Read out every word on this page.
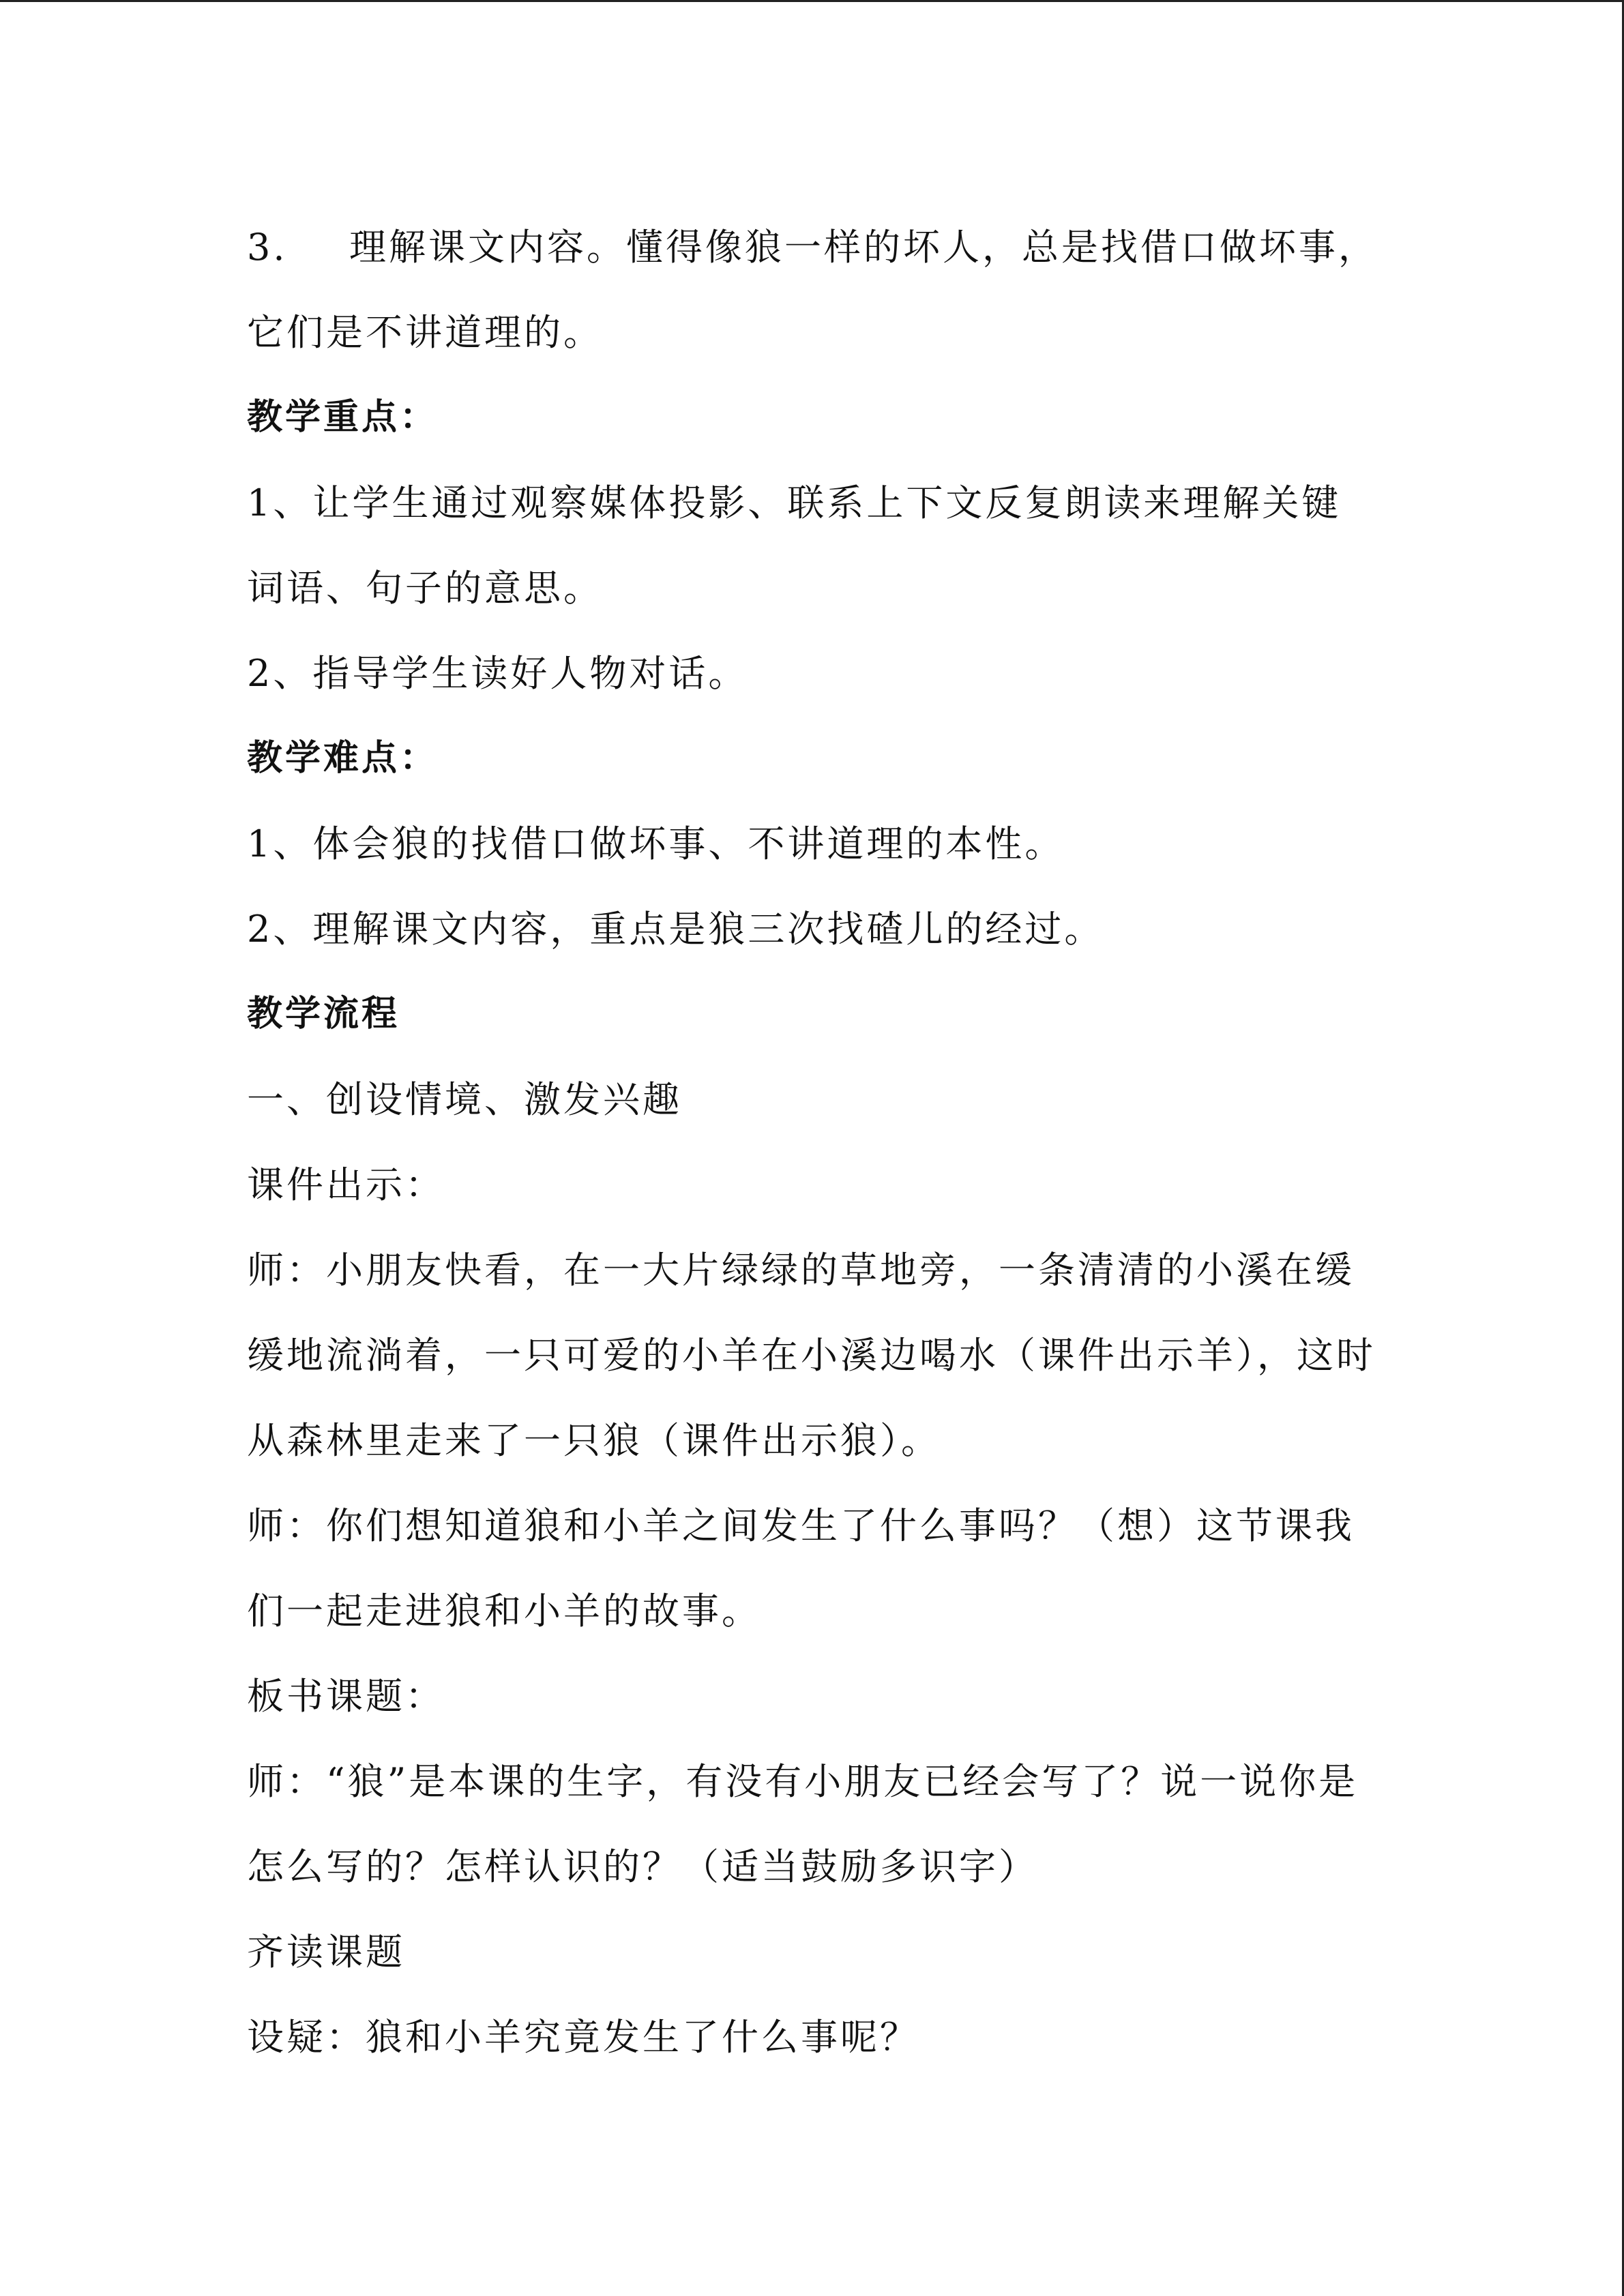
3. 理解课文内容。懂得像狼一样的坏人，总是找借口做坏事，它们是不讲道理的。

教学重点：

1、让学生通过观察媒体投影、联系上下文反复朗读来理解关键词语、句子的意思。

2、指导学生读好人物对话。

教学难点：

1、体会狼的找借口做坏事、不讲道理的本性。

2、理解课文内容，重点是狼三次找碴儿的经过。

教学流程

一、创设情境、激发兴趣

课件出示：

师：小朋友快看，在一大片绿绿的草地旁，一条清清的小溪在缓缓地流淌着，一只可爱的小羊在小溪边喝水（课件出示羊），这时从森林里走来了一只狼（课件出示狼）。

师：你们想知道狼和小羊之间发生了什么事吗？（想）这节课我们一起走进狼和小羊的故事。

板书课题：

师：“狼”是本课的生字，有没有小朋友已经会写了？说一说你是怎么写的？怎样认识的？（适当鼓励多识字）

齐读课题

设疑：狼和小羊究竟发生了什么事呢？
